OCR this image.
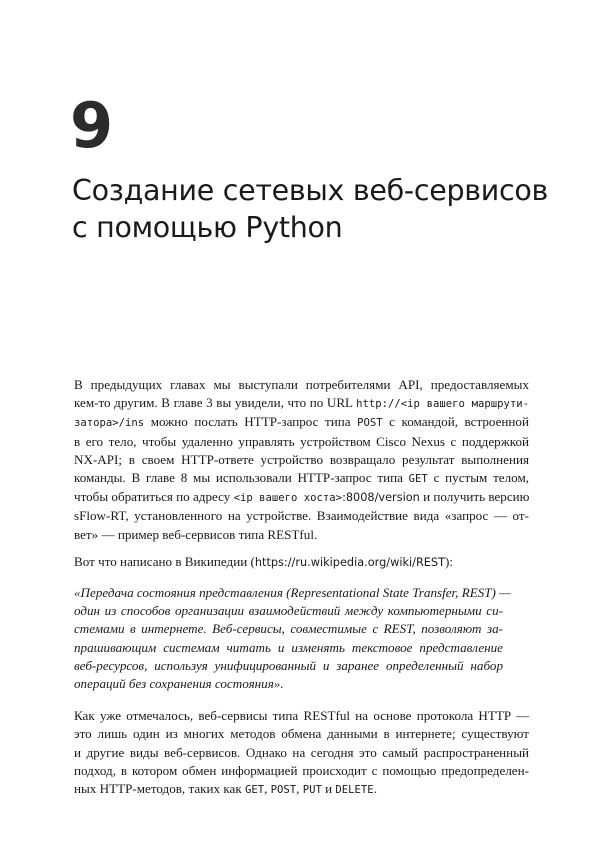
9
Создание сетевых веб-сервисов
с помощью Python

В предыдущих главах мы выступали потребителями API, предоставляемых
кем-то другим. В главе 3 вы увидели, что по URL http://<ip вашего маршрути-
затора>/ins можно послать HTTP-запрос типа POST с командой, встроенной
в его тело, чтобы удаленно управлять устройством Cisco Nexus с поддержкой
NX-API; в своем HTTP-ответе устройство возвращало результат выполнения
команды. В главе 8 мы использовали HTTP-запрос типа GET с пустым телом,
чтобы обратиться по адресу <ip вашего хоста>:8008/version и получить версию
sFlow-RT, установленного на устройстве. Взаимодействие вида «запрос — от-
вет» — пример веб-сервисов типа RESTful.

Вот что написано в Википедии (https://ru.wikipedia.org/wiki/REST):

«Передача состояния представления (Representational State Transfer, REST) —
один из способов организации взаимодействий между компьютерными си-
стемами в интернете. Веб-сервисы, совместимые с REST, позволяют за-
прашивающим системам читать и изменять текстовое представление
веб-ресурсов, используя унифицированный и заранее определенный набор
операций без сохранения состояния».

Как уже отмечалось, веб-сервисы типа RESTful на основе протокола HTTP —
это лишь один из многих методов обмена данными в интернете; существуют
и другие виды веб-сервисов. Однако на сегодня это самый распространенный
подход, в котором обмен информацией происходит с помощью предопределен-
ных HTTP-методов, таких как GET, POST, PUT и DELETE.
